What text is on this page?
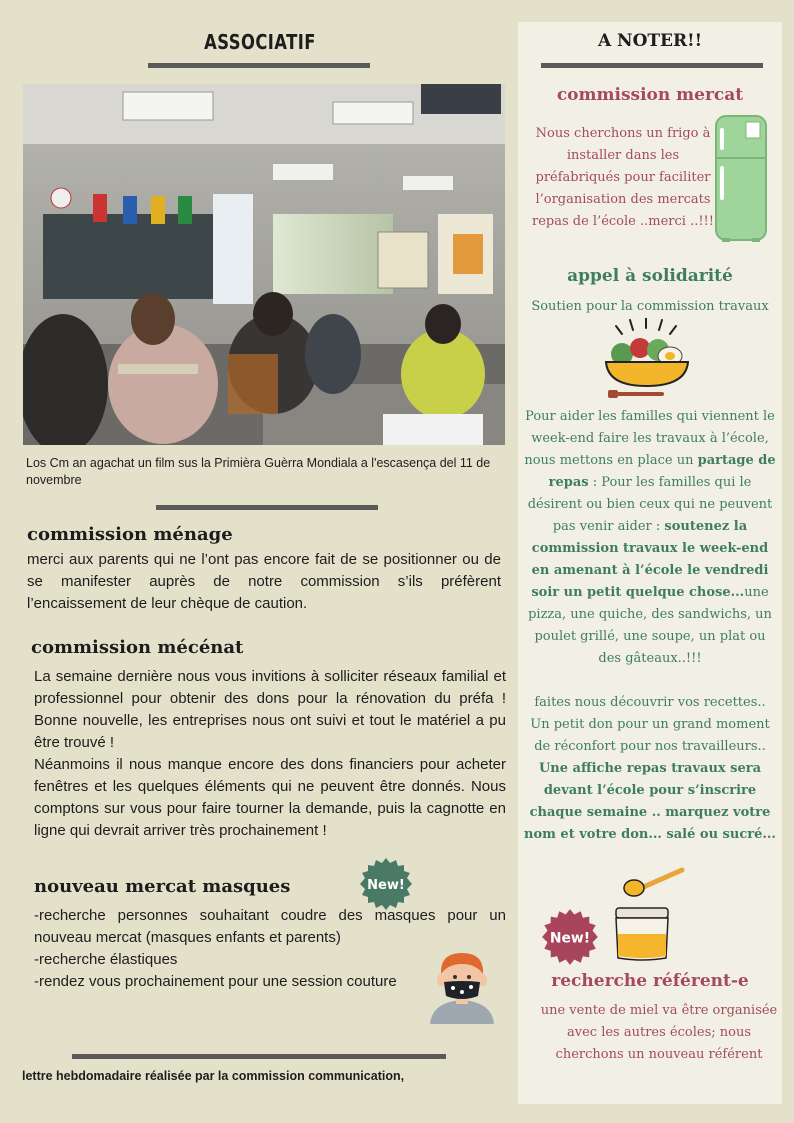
ASSOCIATIF
Los Cm an agachat un film sus la Primièra Guèrra Mondiala a l'escasença del 11 de novembre
commission ménage
merci aux parents qui ne l’ont pas encore fait de se positionner ou de se manifester auprès de notre commission s’ils préfèrent l’encaissement de leur chèque de caution.
commission mécénat
La semaine dernière nous vous invitions à solliciter réseaux familial et professionnel pour obtenir des dons pour la rénovation du préfa ! Bonne nouvelle, les entreprises nous ont suivi et tout le matériel a pu être trouvé !
Néanmoins il nous manque encore des dons financiers pour acheter fenêtres et les quelques éléments qui ne peuvent être donnés. Nous comptons sur vous pour faire tourner la demande, puis la cagnotte en ligne qui devrait arriver très prochainement !
nouveau mercat masques	New!
-recherche personnes souhaitant coudre des masques pour un nouveau mercat (masques enfants et parents)
-recherche élastiques
-rendez vous prochainement pour une session couture
lettre hebdomadaire réalisée par la commission communication,
A NOTER!!
commission mercat
Nous cherchons un frigo à installer dans les préfabriqués pour faciliter l’organisation des mercats repas de l’école ..merci ..!!!
appel à solidarité
Soutien pour la commission travaux
Pour aider les familles qui viennent le week-end faire les travaux à l’école, nous mettons en place un partage de repas : Pour les familles qui le désirent ou bien ceux qui ne peuvent pas venir aider : soutenez la commission travaux le week-end en amenant à l’école le vendredi soir un petit quelque chose...une pizza, une quiche, des sandwichs, un poulet grillé, une soupe, un plat ou des gâteaux..!!!
faites nous découvrir vos recettes.. Un petit don pour un grand moment de réconfort pour nos travailleurs.. Une affiche repas travaux sera devant l’école pour s’inscrire chaque semaine .. marquez votre nom et votre don... salé ou sucré...
New!
recherche référent-e
une vente de miel va être organisée avec les autres écoles; nous cherchons un nouveau référent
